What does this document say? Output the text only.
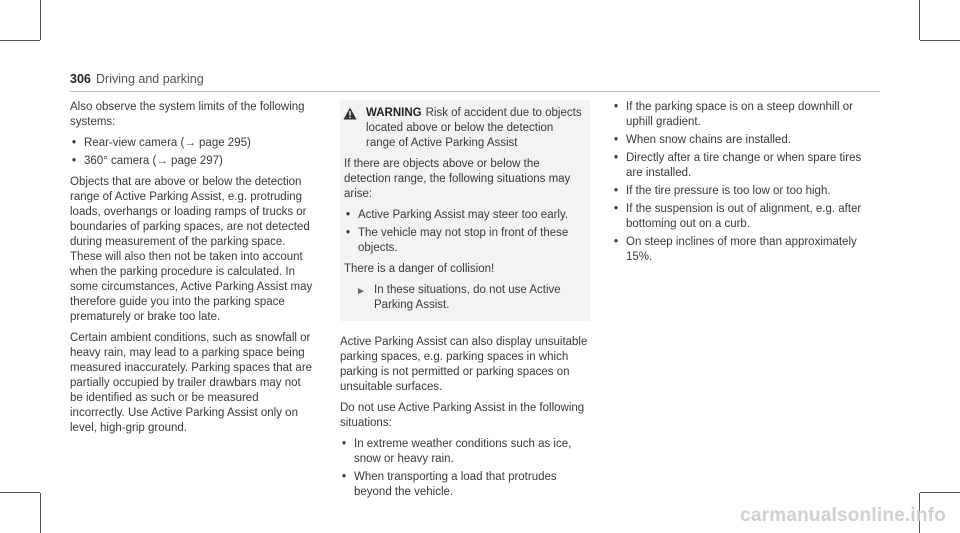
306 Driving and parking

Also observe the system limits of the following systems:

• Rear-view camera (→ page 295)
• 360° camera (→ page 297)

Objects that are above or below the detection range of Active Parking Assist, e.g. protruding loads, overhangs or loading ramps of trucks or boundaries of parking spaces, are not detected during measurement of the parking space. These will also then not be taken into account when the parking procedure is calculated. In some circumstances, Active Parking Assist may therefore guide you into the parking space prematurely or brake too late.

Certain ambient conditions, such as snowfall or heavy rain, may lead to a parking space being measured inaccurately. Parking spaces that are partially occupied by trailer drawbars may not be identified as such or be measured incorrectly. Use Active Parking Assist only on level, high-grip ground.

WARNING Risk of accident due to objects located above or below the detection range of Active Parking Assist

If there are objects above or below the detection range, the following situations may arise:

• Active Parking Assist may steer too early.
• The vehicle may not stop in front of these objects.

There is a danger of collision!

► In these situations, do not use Active Parking Assist.

Active Parking Assist can also display unsuitable parking spaces, e.g. parking spaces in which parking is not permitted or parking spaces on unsuitable surfaces.

Do not use Active Parking Assist in the following situations:

• In extreme weather conditions such as ice, snow or heavy rain.
• When transporting a load that protrudes beyond the vehicle.
• If the parking space is on a steep downhill or uphill gradient.
• When snow chains are installed.
• Directly after a tire change or when spare tires are installed.
• If the tire pressure is too low or too high.
• If the suspension is out of alignment, e.g. after bottoming out on a curb.
• On steep inclines of more than approximately 15%.
carmanualsonline.info
